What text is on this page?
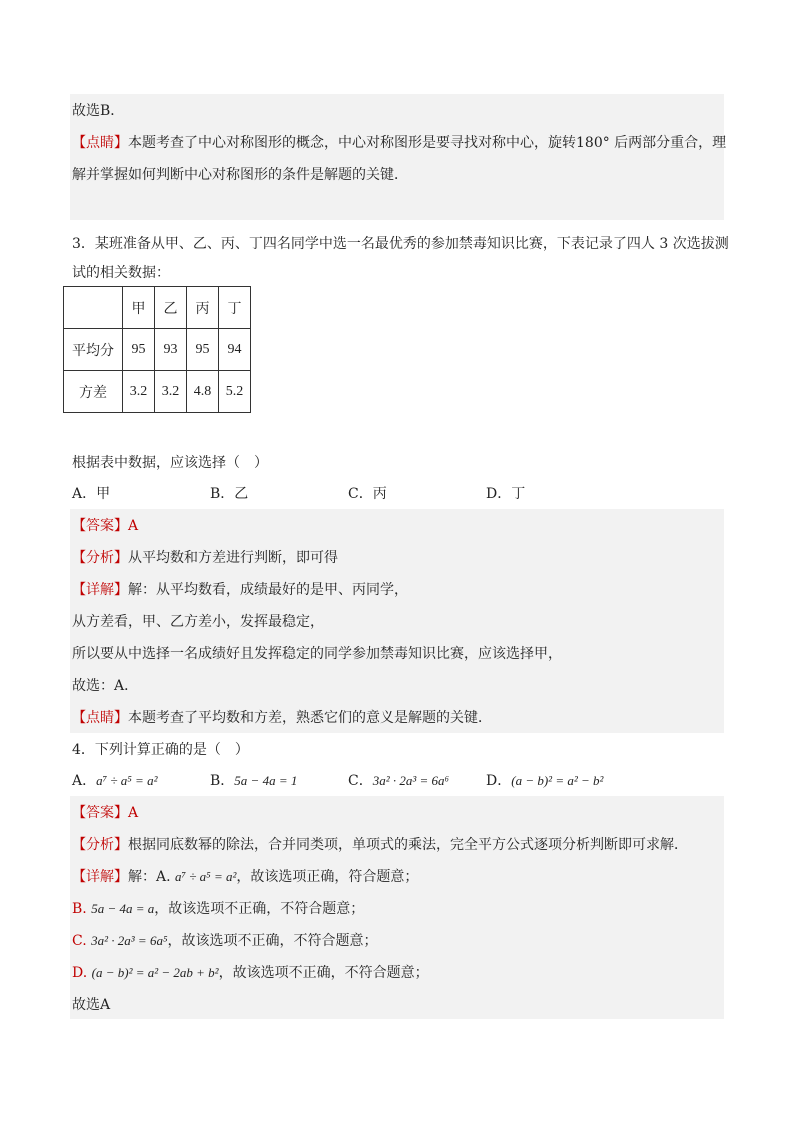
故选B．
【点睛】本题考查了中心对称图形的概念，中心对称图形是要寻找对称中心，旋转180° 后两部分重合，理
解并掌握如何判断中心对称图形的条件是解题的关键．
3．某班准备从甲、乙、丙、丁四名同学中选一名最优秀的参加禁毒知识比赛，下表记录了四人 3 次选拔测
试的相关数据：
	甲	乙	丙	丁
平均分	95	93	95	94
方差	3.2	3.2	4.8	5.2
根据表中数据，应该选择（　）
A．甲	B．乙	C．丙	D．丁
【答案】A
【分析】从平均数和方差进行判断，即可得
【详解】解：从平均数看，成绩最好的是甲、丙同学，
从方差看，甲、乙方差小，发挥最稳定，
所以要从中选择一名成绩好且发挥稳定的同学参加禁毒知识比赛，应该选择甲，
故选：A．
【点睛】本题考查了平均数和方差，熟悉它们的意义是解题的关键．
4．下列计算正确的是（　）
A．a⁷ ÷ a⁵ = a²	B．5a − 4a = 1	C．3a² · 2a³ = 6a⁶	D．(a − b)² = a² − b²
【答案】A
【分析】根据同底数幂的除法，合并同类项，单项式的乘法，完全平方公式逐项分析判断即可求解．
【详解】解：A. a⁷ ÷ a⁵ = a²，故该选项正确，符合题意；
B. 5a − 4a = a，故该选项不正确，不符合题意；
C. 3a² · 2a³ = 6a⁵，故该选项不正确，不符合题意；
D. (a − b)² = a² − 2ab + b²，故该选项不正确，不符合题意；
故选A
